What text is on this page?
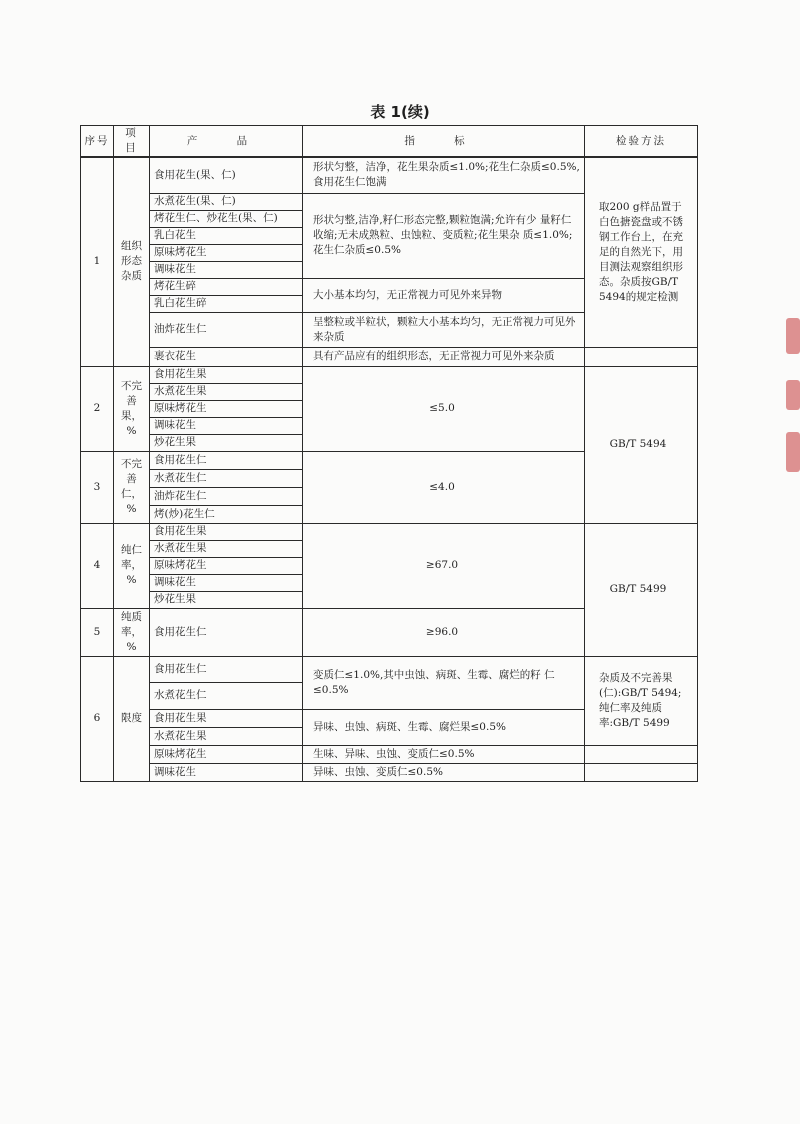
表 1(续)
序号	项 目	产 品	指 标	检验方法
1	组织形态杂质	食用花生(果、仁)	形状匀整，洁净，花生果杂质≤1.0%;花生仁杂质≤0.5%,食用花生仁饱满	取200 g样品置于白色搪瓷盘或不锈钢工作台上，在充足的自然光下，用目测法观察组织形态。杂质按GB/T 5494的规定检测
		水煮花生(果、仁)	形状匀整,洁净,籽仁形态完整,颗粒饱满;允许有少 量籽仁收缩;无未成熟粒、虫蚀粒、变质粒;花生果杂 质≤1.0%;花生仁杂质≤0.5%	
		烤花生仁、炒花生(果、仁)		
		乳白花生		
		原味烤花生		
		调味花生		
		烤花生碎	大小基本均匀，无正常视力可见外来异物	
		乳白花生碎		
		油炸花生仁	呈整粒或半粒状，颗粒大小基本均匀，无正常视力可见外来杂质	
		裹衣花生	具有产品应有的组织形态，无正常视力可见外来杂质	
2	不完善果，%	食用花生果	≤5.0	GB/T 5494
		水煮花生果		
		原味烤花生		
		调味花生		
		炒花生果		
3	不完善仁，%	食用花生仁	≤4.0	
		水煮花生仁		
		油炸花生仁		
		烤(炒)花生仁		
4	纯仁率，%	食用花生果	≥67.0	GB/T 5499
		水煮花生果		
		原味烤花生		
		调味花生		
		炒花生果		
5	纯质率，%	食用花生仁	≥96.0	
6	限度	食用花生仁	变质仁≤1.0%,其中虫蚀、病斑、生霉、腐烂的籽 仁≤0.5%	杂质及不完善果(仁):GB/T 5494;纯仁率及纯质率:GB/T 5499
		水煮花生仁		
		食用花生果	异味、虫蚀、病斑、生霉、腐烂果≤0.5%	
		水煮花生果		
		原味烤花生	生味、异味、虫蚀、变质仁≤0.5%	
		调味花生	异味、虫蚀、变质仁≤0.5%	
